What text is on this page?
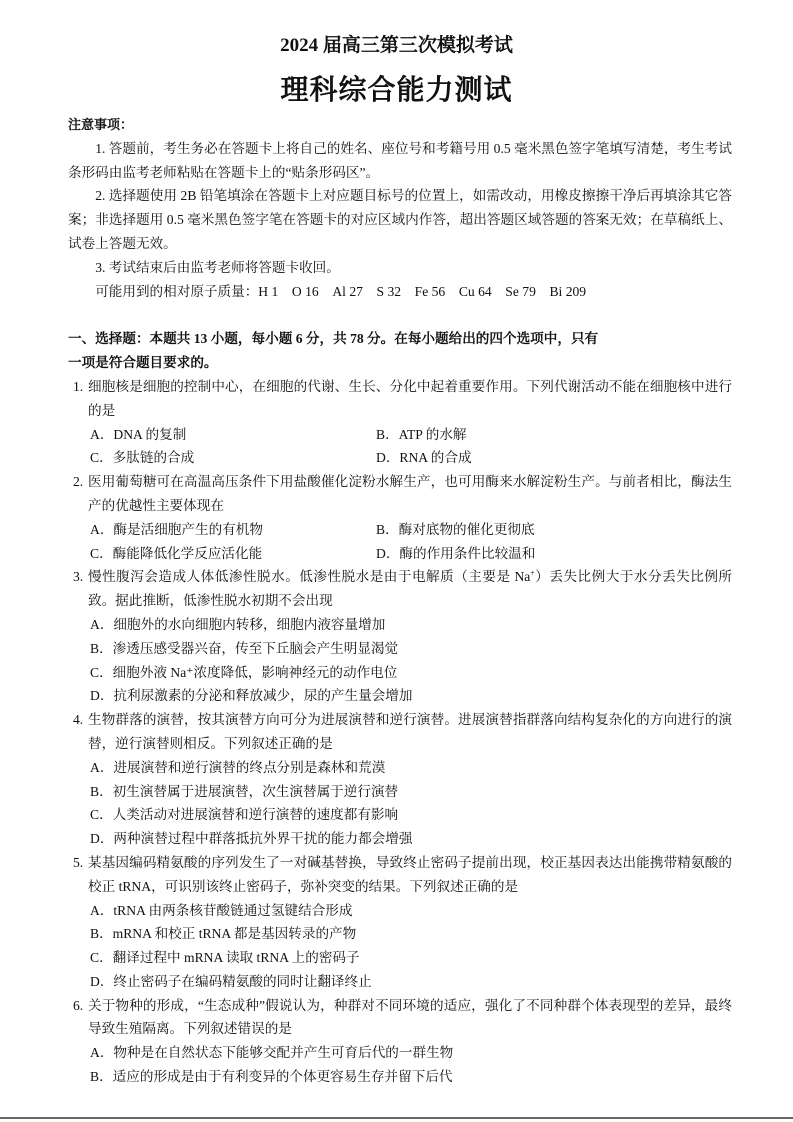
2024 届高三第三次模拟考试
理科综合能力测试
注意事项：
1. 答题前，考生务必在答题卡上将自己的姓名、座位号和考籍号用 0.5 毫米黑色签字笔填写清楚，考生考试条形码由监考老师粘贴在答题卡上的“贴条形码区”。
2. 选择题使用 2B 铅笔填涂在答题卡上对应题目标号的位置上，如需改动，用橡皮擦擦干净后再填涂其它答案；非选择题用 0.5 毫米黑色签字笔在答题卡的对应区域内作答，超出答题区域答题的答案无效；在草稿纸上、试卷上答题无效。
3. 考试结束后由监考老师将答题卡收回。
可能用到的相对原子质量：H 1　O 16　Al 27　S 32　Fe 56　Cu 64　Se 79　Bi 209
一、选择题：本题共 13 小题，每小题 6 分，共 78 分。在每小题给出的四个选项中，只有一项是符合题目要求的。
1. 细胞核是细胞的控制中心，在细胞的代谢、生长、分化中起着重要作用。下列代谢活动不能在细胞核中进行的是
A．DNA 的复制	B．ATP 的水解
C．多肽链的合成	D．RNA 的合成
2. 医用葡萄糖可在高温高压条件下用盐酸催化淀粉水解生产，也可用酶来水解淀粉生产。与前者相比，酶法生产的优越性主要体现在
A．酶是活细胞产生的有机物	B．酶对底物的催化更彻底
C．酶能降低化学反应活化能	D．酶的作用条件比较温和
3. 慢性腹泻会造成人体低渗性脱水。低渗性脱水是由于电解质（主要是 Na+）丢失比例大于水分丢失比例所致。据此推断，低渗性脱水初期不会出现
A．细胞外的水向细胞内转移，细胞内液容量增加
B．渗透压感受器兴奋，传至下丘脑会产生明显渴觉
C．细胞外液 Na⁺浓度降低，影响神经元的动作电位
D．抗利尿激素的分泌和释放减少，尿的产生量会增加
4. 生物群落的演替，按其演替方向可分为进展演替和逆行演替。进展演替指群落向结构复杂化的方向进行的演替，逆行演替则相反。下列叙述正确的是
A．进展演替和逆行演替的终点分别是森林和荒漠
B．初生演替属于进展演替，次生演替属于逆行演替
C．人类活动对进展演替和逆行演替的速度都有影响
D．两种演替过程中群落抵抗外界干扰的能力都会增强
5. 某基因编码精氨酸的序列发生了一对碱基替换，导致终止密码子提前出现，校正基因表达出能携带精氨酸的校正 tRNA，可识别该终止密码子，弥补突变的结果。下列叙述正确的是
A．tRNA 由两条核苷酸链通过氢键结合形成
B．mRNA 和校正 tRNA 都是基因转录的产物
C．翻译过程中 mRNA 读取 tRNA 上的密码子
D．终止密码子在编码精氨酸的同时让翻译终止
6. 关于物种的形成，“生态成种”假说认为，种群对不同环境的适应，强化了不同种群个体表现型的差异，最终导致生殖隔离。下列叙述错误的是
A．物种是在自然状态下能够交配并产生可育后代的一群生物
B．适应的形成是由于有利变异的个体更容易生存并留下后代
